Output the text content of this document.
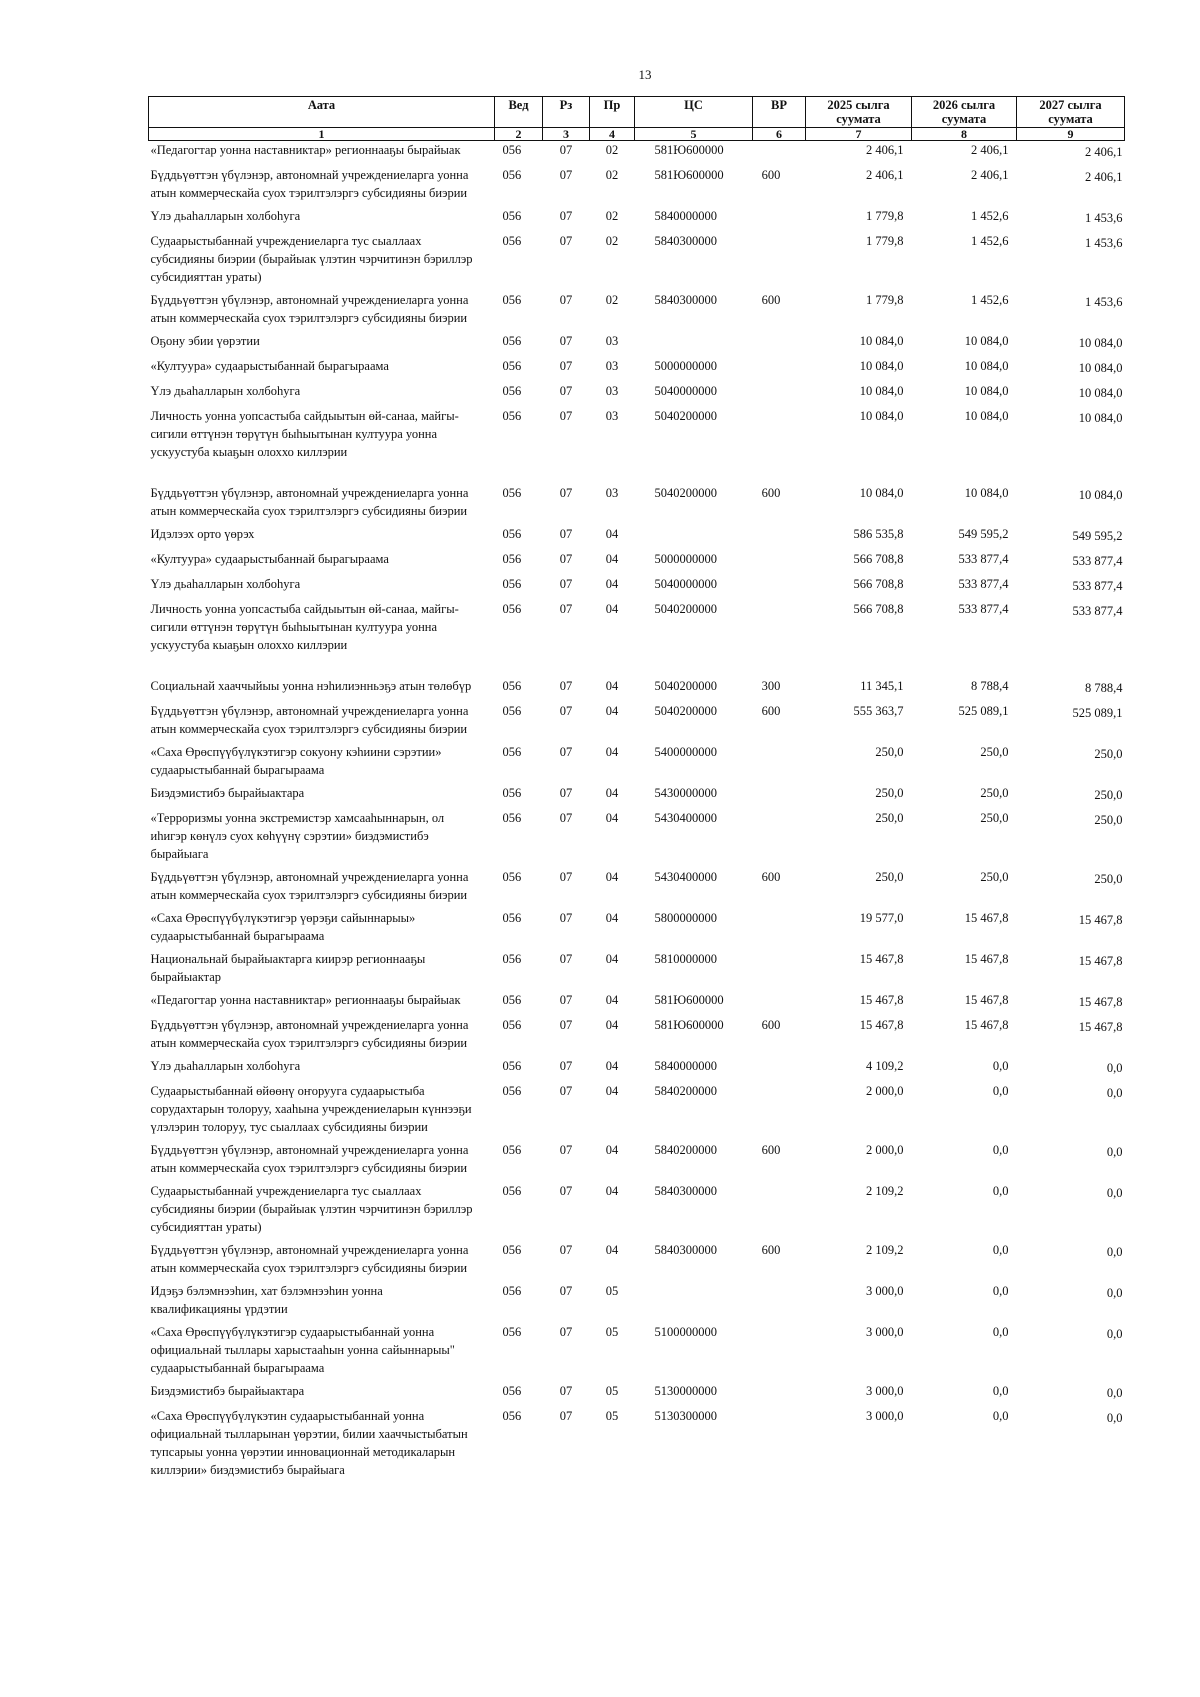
13
Аата	Вед	Рз	Пр	ЦС	ВР	2025 сылга суумата	2026 сылга суумата	2027 сылга суумата
1	2	3	4	5	6	7	8	9
«Педагогтар уонна наставниктар» регионнааҕы бырайыак	056	07	02	581Ю600000		2 406,1	2 406,1	2 406,1
Бүддьүөттэн үбүлэнэр, автономнай учреждениеларга уонна атын коммерческайа суох тэрилтэлэргэ субсидияны биэрии	056	07	02	581Ю600000	600	2 406,1	2 406,1	2 406,1
Үлэ дьаһалларын холбоһуга	056	07	02	5840000000		1 779,8	1 452,6	1 453,6
Судаарыстыбаннай учреждениеларга тус сыаллаах субсидияны биэрии (бырайыак үлэтин чэрчитинэн бэриллэр субсидияттан ураты)	056	07	02	5840300000		1 779,8	1 452,6	1 453,6
Бүддьүөттэн үбүлэнэр, автономнай учреждениеларга уонна атын коммерческайа суох тэрилтэлэргэ субсидияны биэрии	056	07	02	5840300000	600	1 779,8	1 452,6	1 453,6
Оҕону эбии үөрэтии	056	07	03			10 084,0	10 084,0	10 084,0
«Култуура» судаарыстыбаннай бырагыраама	056	07	03	5000000000		10 084,0	10 084,0	10 084,0
Үлэ дьаһалларын холбоһуга	056	07	03	5040000000		10 084,0	10 084,0	10 084,0
Личность уонна уопсастыба сайдыытын өй-санаа, майгы-сигили өттүнэн төрүтүн быһыытынан култуура уонна ускуустуба кыаҕын олоххо киллэрии	056	07	03	5040200000		10 084,0	10 084,0	10 084,0
Бүддьүөттэн үбүлэнэр, автономнай учреждениеларга уонна атын коммерческайа суох тэрилтэлэргэ субсидияны биэрии	056	07	03	5040200000	600	10 084,0	10 084,0	10 084,0
Идэлээх орто үөрэх	056	07	04			586 535,8	549 595,2	549 595,2
«Култуура» судаарыстыбаннай бырагыраама	056	07	04	5000000000		566 708,8	533 877,4	533 877,4
Үлэ дьаһалларын холбоһуга	056	07	04	5040000000		566 708,8	533 877,4	533 877,4
Личность уонна уопсастыба сайдыытын өй-санаа, майгы-сигили өттүнэн төрүтүн быһыытынан култуура уонна ускуустуба кыаҕын олоххо киллэрии	056	07	04	5040200000		566 708,8	533 877,4	533 877,4
Социальнай хааччыйыы уонна нэһилиэнньэҕэ атын төлөбүр	056	07	04	5040200000	300	11 345,1	8 788,4	8 788,4
Бүддьүөттэн үбүлэнэр, автономнай учреждениеларга уонна атын коммерческайа суох тэрилтэлэргэ субсидияны биэрии	056	07	04	5040200000	600	555 363,7	525 089,1	525 089,1
«Саха Өрөспүүбүлүкэтигэр сокуону кэһиини сэрэтии» судаарыстыбаннай бырагыраама	056	07	04	5400000000		250,0	250,0	250,0
Биэдэмистибэ бырайыактара	056	07	04	5430000000		250,0	250,0	250,0
«Терроризмы уонна экстремистэр хамсааһыннарын, ол иһигэр көнүлэ суох көһүүнү сэрэтии» биэдэмистибэ бырайыага	056	07	04	5430400000		250,0	250,0	250,0
Бүддьүөттэн үбүлэнэр, автономнай учреждениеларга уонна атын коммерческайа суох тэрилтэлэргэ субсидияны биэрии	056	07	04	5430400000	600	250,0	250,0	250,0
«Саха Өрөспүүбүлүкэтигэр үөрэҕи сайыннарыы» судаарыстыбаннай бырагыраама	056	07	04	5800000000		19 577,0	15 467,8	15 467,8
Национальнай бырайыактарга киирэр регионнааҕы бырайыактар	056	07	04	5810000000		15 467,8	15 467,8	15 467,8
«Педагогтар уонна наставниктар» регионнааҕы бырайыак	056	07	04	581Ю600000		15 467,8	15 467,8	15 467,8
Бүддьүөттэн үбүлэнэр, автономнай учреждениеларга уонна атын коммерческайа суох тэрилтэлэргэ субсидияны биэрии	056	07	04	581Ю600000	600	15 467,8	15 467,8	15 467,8
Үлэ дьаһалларын холбоһуга	056	07	04	5840000000		4 109,2	0,0	0,0
Судаарыстыбаннай өйөөнү оҥорууга судаарыстыба сорудахтарын толоруу, хааһына учреждениеларын күннээҕи үлэлэрин толоруу, тус сыаллаах субсидияны биэрии	056	07	04	5840200000		2 000,0	0,0	0,0
Бүддьүөттэн үбүлэнэр, автономнай учреждениеларга уонна атын коммерческайа суох тэрилтэлэргэ субсидияны биэрии	056	07	04	5840200000	600	2 000,0	0,0	0,0
Судаарыстыбаннай учреждениеларга тус сыаллаах субсидияны биэрии (бырайыак үлэтин чэрчитинэн бэриллэр субсидияттан ураты)	056	07	04	5840300000		2 109,2	0,0	0,0
Бүддьүөттэн үбүлэнэр, автономнай учреждениеларга уонна атын коммерческайа суох тэрилтэлэргэ субсидияны биэрии	056	07	04	5840300000	600	2 109,2	0,0	0,0
Идэҕэ бэлэмнээһин, хат бэлэмнээһин уонна квалификацияны үрдэтии	056	07	05			3 000,0	0,0	0,0
«Саха Өрөспүүбүлүкэтигэр судаарыстыбаннай уонна официальнай тыллары харыстааһын уонна сайыннарыы" судаарыстыбаннай бырагыраама	056	07	05	5100000000		3 000,0	0,0	0,0
Биэдэмистибэ бырайыактара	056	07	05	5130000000		3 000,0	0,0	0,0
«Саха Өрөспүүбүлүкэтин судаарыстыбаннай уонна официальнай тылларынан үөрэтии, билии хааччыстыбатын тупсарыы уонна үөрэтии инновационнай методикаларын киллэрии» биэдэмистибэ бырайыага	056	07	05	5130300000		3 000,0	0,0	0,0
